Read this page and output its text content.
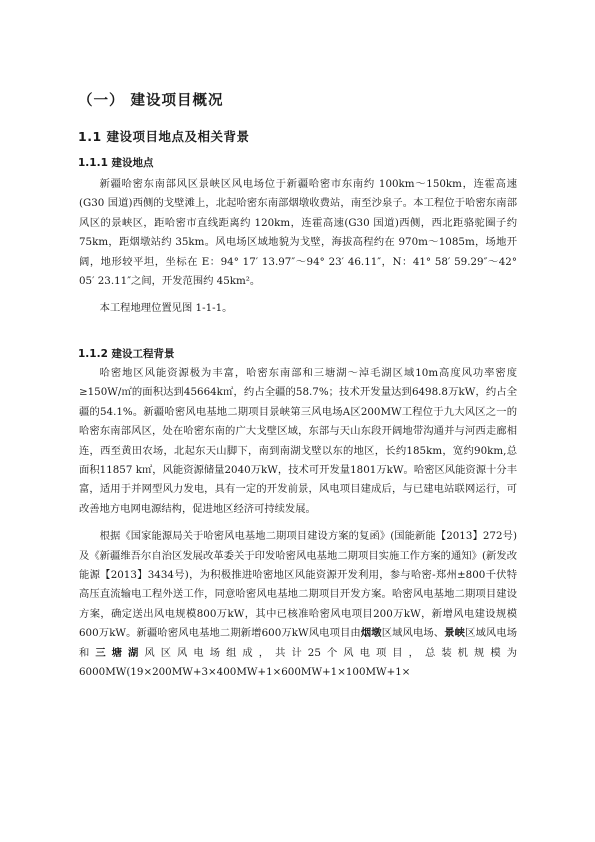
（一） 建设项目概况
1.1 建设项目地点及相关背景
1.1.1 建设地点

新疆哈密东南部风区景峡区风电场位于新疆哈密市东南约 100km～150km，连霍高速(G30 国道)西侧的戈壁滩上，北起哈密东南部烟墩收费站，南至沙泉子。本工程位于哈密东南部风区的景峡区，距哈密市直线距离约 120km，连霍高速(G30 国道)西侧，西北距骆驼圈子约 75km，距烟墩站约 35km。风电场区域地貌为戈壁，海拔高程约在 970m～1085m，场地开阔，地形较平坦，坐标在 E：94° 17′ 13.97″～94° 23′ 46.11″，N：41° 58′ 59.29″～42° 05′ 23.11″之间，开发范围约 45km²。

本工程地理位置见图 1-1-1。

1.1.2 建设工程背景

哈密地区风能资源极为丰富，哈密东南部和三塘湖～淖毛湖区域10m高度风功率密度≥150W/㎡的面积达到45664k㎡，约占全疆的58.7%；技术开发量达到6498.8万kW，约占全疆的54.1%。新疆哈密风电基地二期项目景峡第三风电场A区200MW工程位于九大风区之一的哈密东南部风区，处在哈密东南的广大戈壁区域，东部与天山东段开阔地带沟通并与河西走廊相连，西至黄田农场，北起东天山脚下，南到南湖戈壁以东的地区，长约185km，宽约90km,总面积11857 k㎡，风能资源储量2040万kW，技术可开发量1801万kW。哈密区风能资源十分丰富，适用于并网型风力发电，具有一定的开发前景，风电项目建成后，与已建电站联网运行，可改善地方电网电源结构，促进地区经济可持续发展。

根据《国家能源局关于哈密风电基地二期项目建设方案的复函》(国能新能【2013】272号)及《新疆维吾尔自治区发展改革委关于印发哈密风电基地二期项目实施工作方案的通知》(新发改能源【2013】3434号)，为积极推进哈密地区风能资源开发利用，参与哈密-郑州±800千伏特高压直流输电工程外送工作，同意哈密风电基地二期项目开发方案。哈密风电基地二期项目建设方案，确定送出风电规模800万kW，其中已核准哈密风电项目200万kW，新增风电建设规模600万kW。新疆哈密风电基地二期新增600万kW风电项目由烟墩区域风电场、景峡区域风电场和三塘湖风区风电场组成，共计25个风电项目，总装机规模为6000MW(19×200MW+3×400MW+1×600MW+1×100MW+1×
